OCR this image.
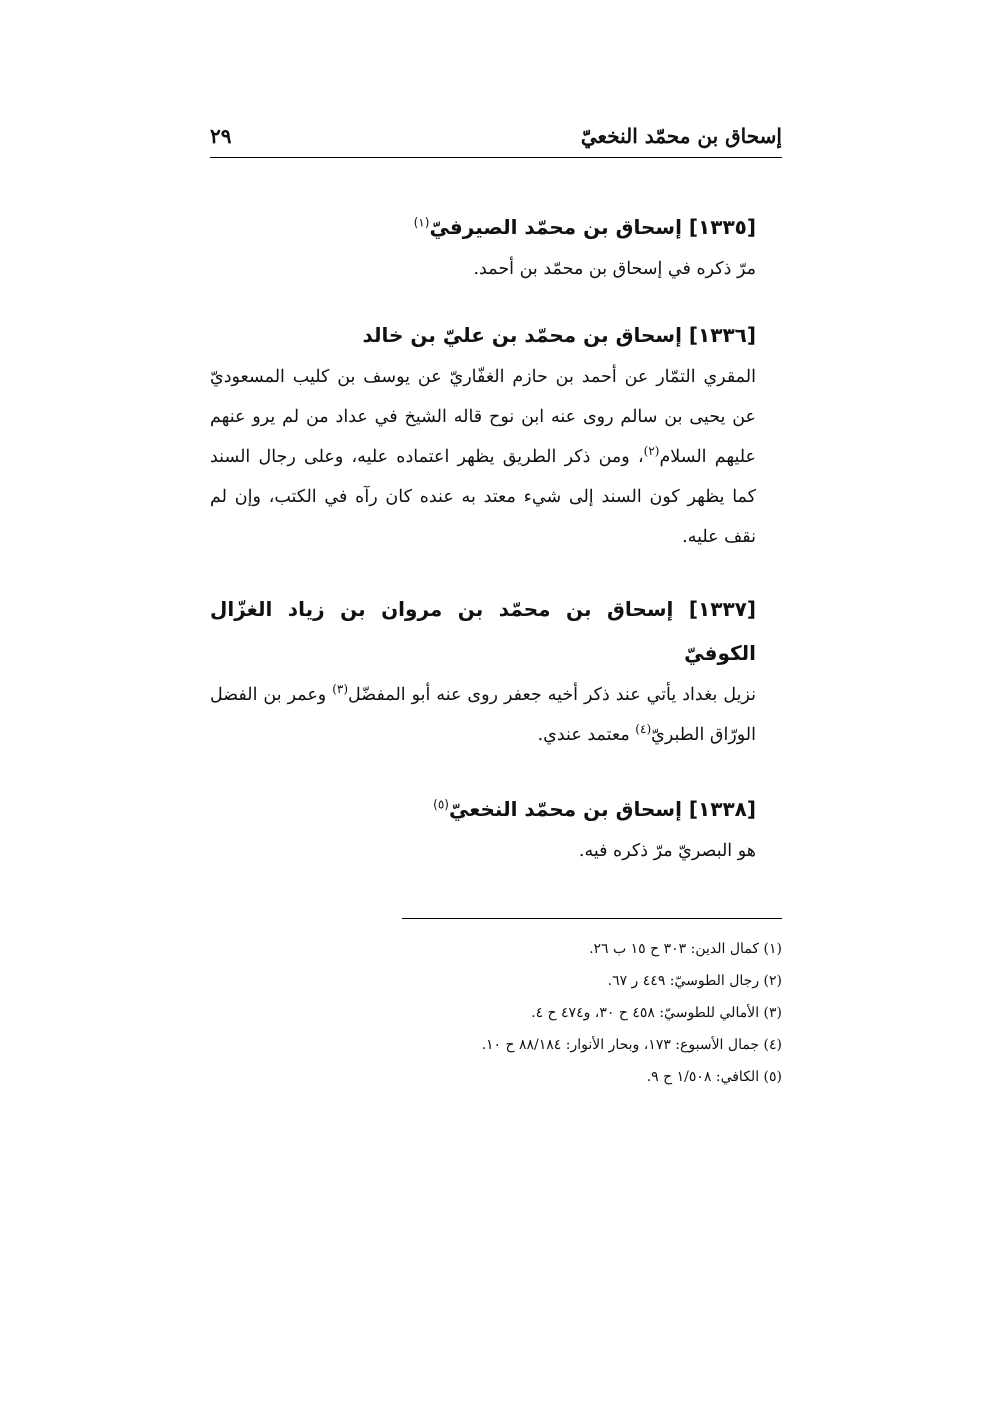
إسحاق بن محمّد النخعيّ
٢٩

[١٣٣٥] إسحاق بن محمّد الصيرفيّ$^{(١)}$

مرّ ذكره في إسحاق بن محمّد بن أحمد.

[١٣٣٦] إسحاق بن محمّد بن عليّ بن خالد

المقري التمّار عن أحمد بن حازم الغفّاريّ عن يوسف بن كليب المسعوديّ عن يحيى بن سالم روى عنه ابن نوح قاله الشيخ في عداد من لم يرو عنهم عليهم السلام$^{(٢)}$، ومن ذكر الطريق يظهر اعتماده عليه، وعلى رجال السند كما يظهر كون السند إلى شيء معتد به عنده كان رآه في الكتب، وإن لم نقف عليه.

[١٣٣٧] إسحاق بن محمّد بن مروان بن زياد الغزّال الكوفيّ

نزيل بغداد يأتي عند ذكر أخيه جعفر روى عنه أبو المفضّل$^{(٣)}$ وعمر بن الفضل الورّاق الطبريّ$^{(٤)}$ معتمد عندي.

[١٣٣٨] إسحاق بن محمّد النخعيّ$^{(٥)}$

هو البصريّ مرّ ذكره فيه.

(١) كمال الدين: ٣٠٣ ح ١٥ ب ٢٦.

(٢) رجال الطوسيّ: ٤٤٩ ر ٦٧.

(٣) الأمالي للطوسيّ: ٤٥٨ ح ٣٠، و٤٧٤ ح ٤.

(٤) جمال الأسبوع: ١٧٣، وبحار الأنوار: ٨٨/١٨٤ ح ١٠.

(٥) الكافي: ١/٥٠٨ ح ٩.
